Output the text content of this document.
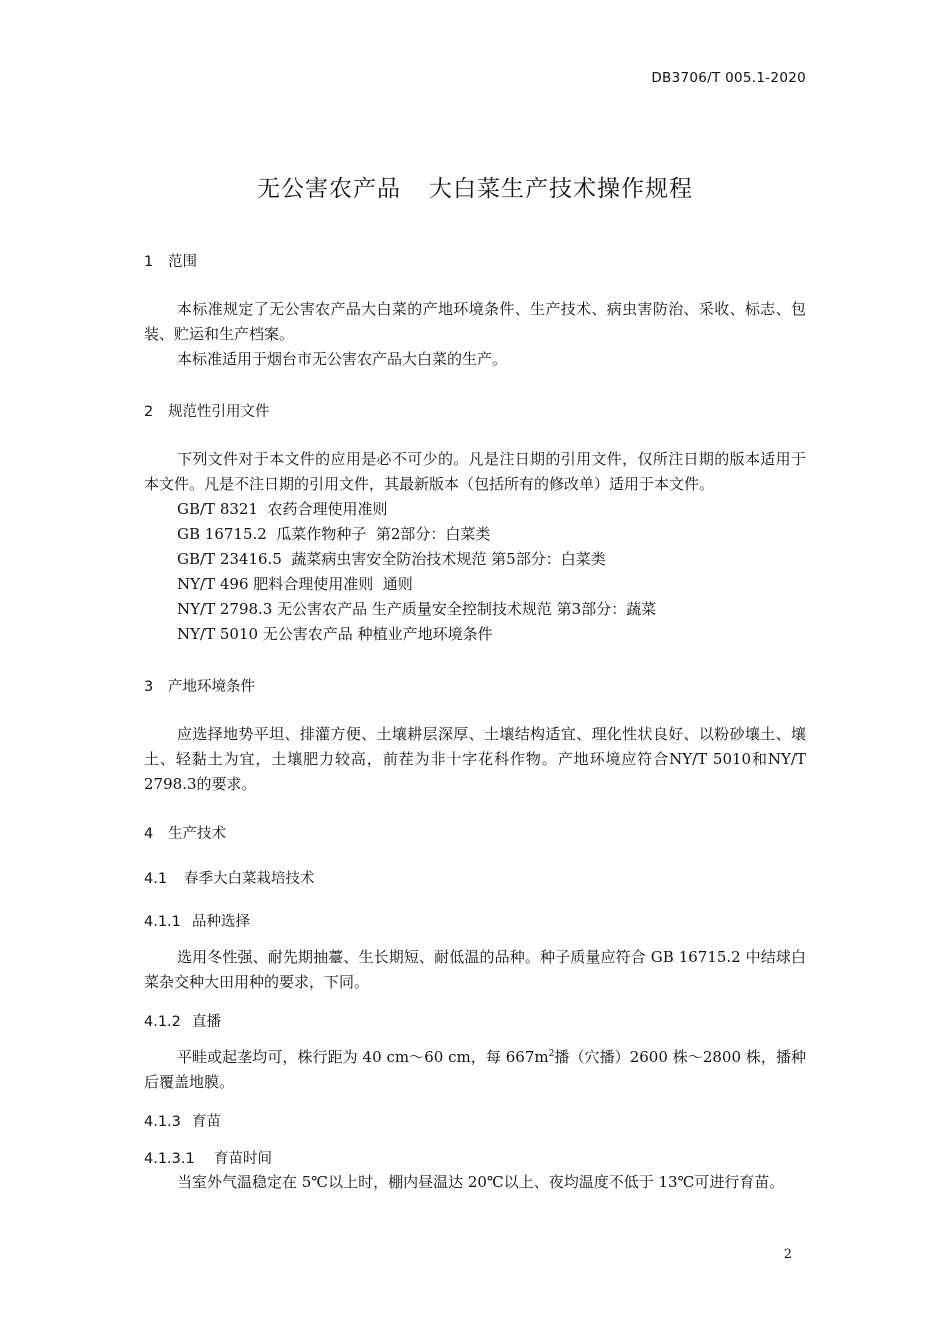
DB3706/T 005.1-2020
无公害农产品 大白菜生产技术操作规程
1 范围
本标准规定了无公害农产品大白菜的产地环境条件、生产技术、病虫害防治、采收、标志、包装、贮运和生产档案。
本标准适用于烟台市无公害农产品大白菜的生产。
2 规范性引用文件
下列文件对于本文件的应用是必不可少的。凡是注日期的引用文件，仅所注日期的版本适用于本文件。凡是不注日期的引用文件，其最新版本（包括所有的修改单）适用于本文件。
GB/T 8321  农药合理使用准则
GB 16715.2  瓜菜作物种子  第2部分：白菜类
GB/T 23416.5  蔬菜病虫害安全防治技术规范 第5部分：白菜类
NY/T 496 肥料合理使用准则  通则
NY/T 2798.3 无公害农产品 生产质量安全控制技术规范 第3部分：蔬菜
NY/T 5010 无公害农产品 种植业产地环境条件
3 产地环境条件
应选择地势平坦、排灌方便、土壤耕层深厚、土壤结构适宜、理化性状良好、以粉砂壤土、壤土、轻黏土为宜，土壤肥力较高，前茬为非十字花科作物。产地环境应符合NY/T 5010和NY/T 2798.3的要求。
4 生产技术
4.1 春季大白菜栽培技术
4.1.1 品种选择
选用冬性强、耐先期抽薹、生长期短、耐低温的品种。种子质量应符合 GB 16715.2 中结球白菜杂交种大田用种的要求，下同。
4.1.2 直播
平畦或起垄均可，株行距为 40 cm～60 cm，每 $667m^2$播（穴播）2600 株～2800 株，播种后覆盖地膜。
4.1.3 育苗
4.1.3.1 育苗时间
当室外气温稳定在 5℃以上时，棚内昼温达 20℃以上、夜均温度不低于 13℃可进行育苗。
2
